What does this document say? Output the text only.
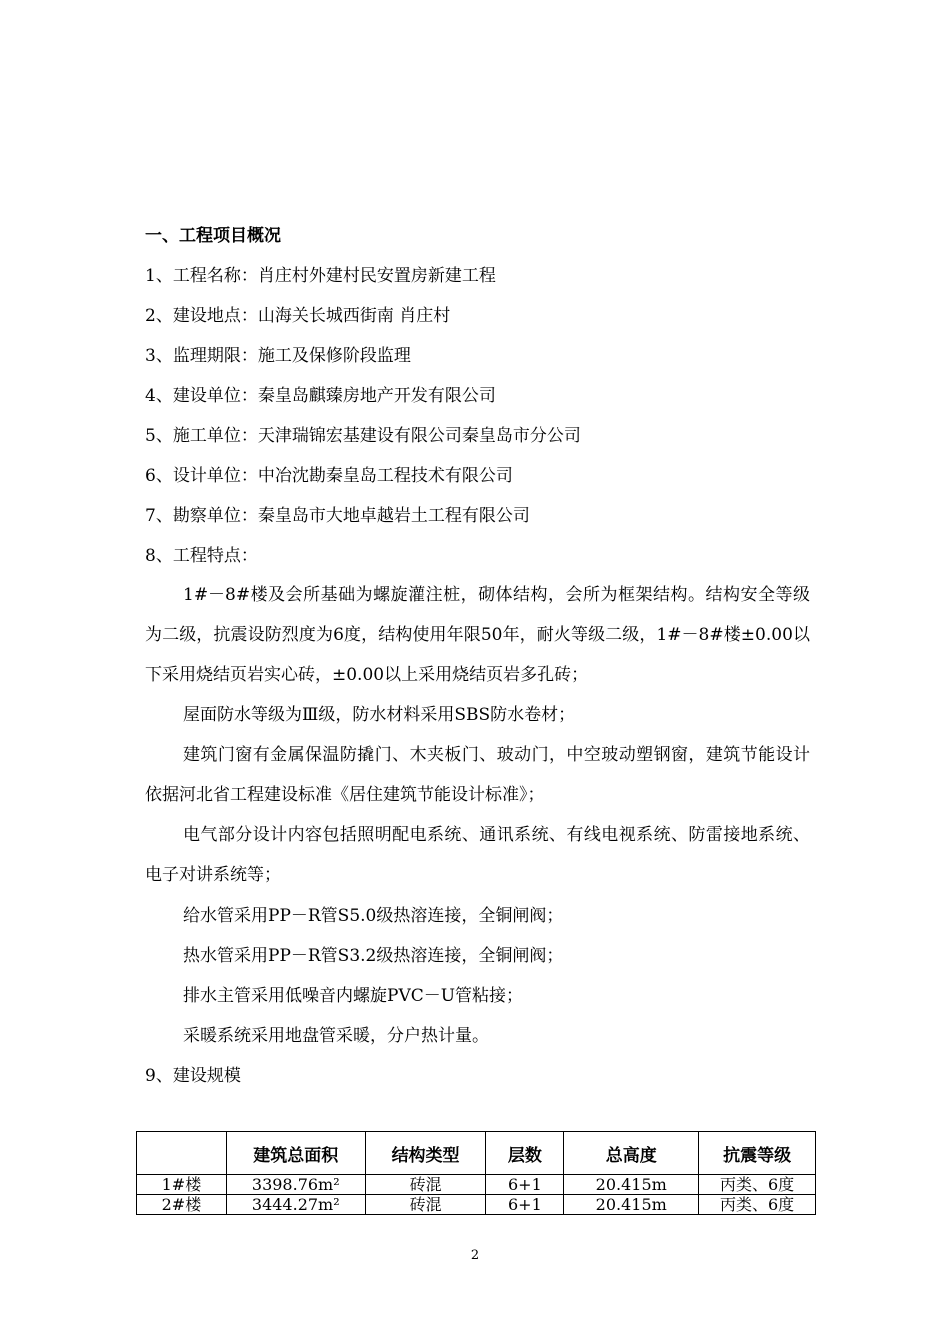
一、工程项目概况
1、工程名称：肖庄村外建村民安置房新建工程
2、建设地点：山海关长城西街南 肖庄村
3、监理期限：施工及保修阶段监理
4、建设单位：秦皇岛麒臻房地产开发有限公司
5、施工单位：天津瑞锦宏基建设有限公司秦皇岛市分公司
6、设计单位：中冶沈勘秦皇岛工程技术有限公司
7、勘察单位：秦皇岛市大地卓越岩土工程有限公司
8、工程特点：
1#－8#楼及会所基础为螺旋灌注桩，砌体结构，会所为框架结构。结构安全等级为二级，抗震设防烈度为6度，结构使用年限50年，耐火等级二级，1#－8#楼±0.00以下采用烧结页岩实心砖，±0.00以上采用烧结页岩多孔砖；
屋面防水等级为Ⅲ级，防水材料采用SBS防水卷材；
建筑门窗有金属保温防撬门、木夹板门、玻动门，中空玻动塑钢窗，建筑节能设计依据河北省工程建设标准《居住建筑节能设计标准》；
电气部分设计内容包括照明配电系统、通讯系统、有线电视系统、防雷接地系统、电子对讲系统等；
给水管采用PP－R管S5.0级热溶连接，全铜闸阀；
热水管采用PP－R管S3.2级热溶连接，全铜闸阀；
排水主管采用低噪音内螺旋PVC－U管粘接；
采暖系统采用地盘管采暖，分户热计量。
9、建设规模
	建筑总面积	结构类型	层数	总高度	抗震等级
1#楼	3398.76m²	砖混	6+1	20.415m	丙类、6度
2#楼	3444.27m²	砖混	6+1	20.415m	丙类、6度
2
